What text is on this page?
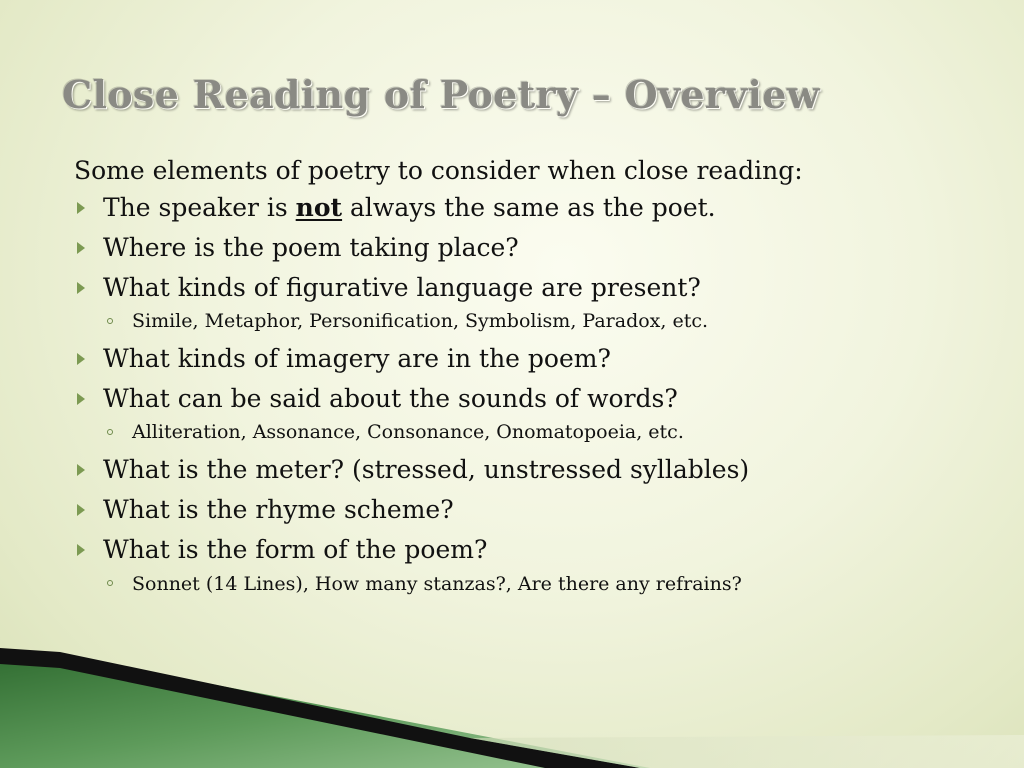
Close Reading of Poetry – Overview
Some elements of poetry to consider when close reading:
The speaker is not always the same as the poet.
Where is the poem taking place?
What kinds of figurative language are present?
Simile, Metaphor, Personification, Symbolism, Paradox, etc.
What kinds of imagery are in the poem?
What can be said about the sounds of words?
Alliteration, Assonance, Consonance, Onomatopoeia, etc.
What is the meter? (stressed, unstressed syllables)
What is the rhyme scheme?
What is the form of the poem?
Sonnet (14 Lines), How many stanzas?, Are there any refrains?
